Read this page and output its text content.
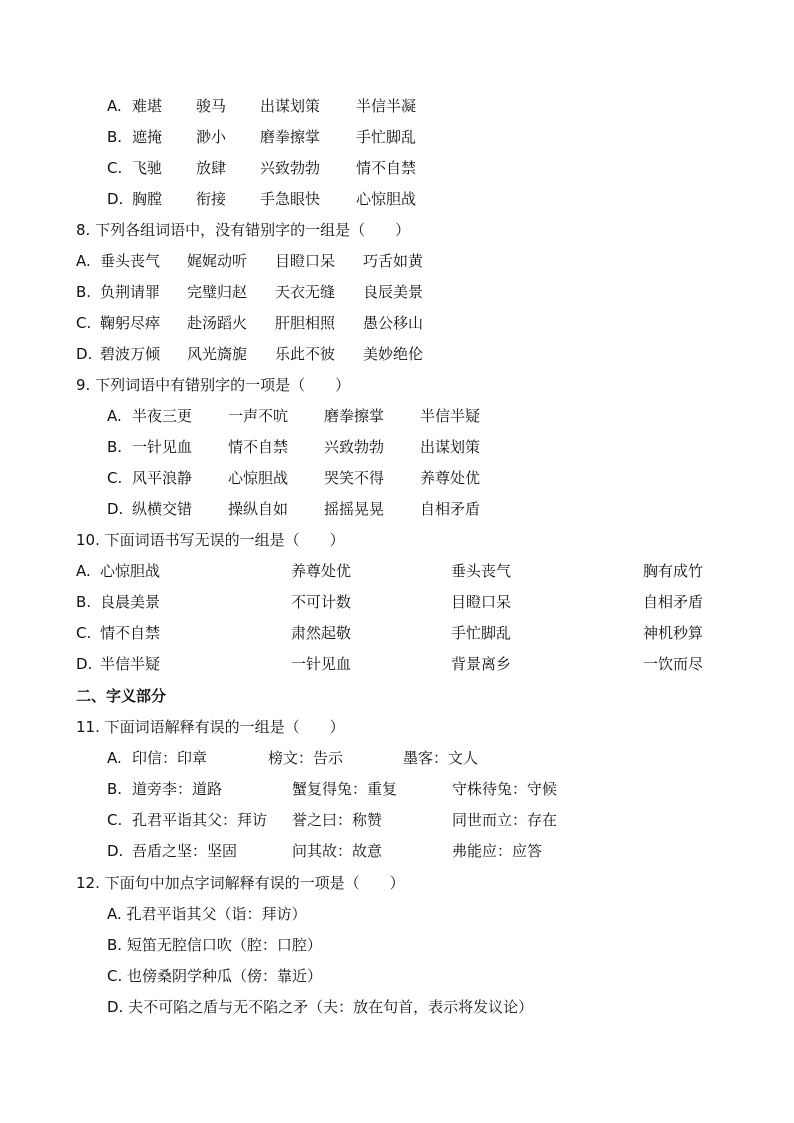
A. 难堪 骏马 出谋划策 半信半凝
B. 遮掩 渺小 磨拳擦掌 手忙脚乱
C. 飞驰 放肆 兴致勃勃 情不自禁
D. 胸膛 衔接 手急眼快 心惊胆战
8. 下列各组词语中，没有错别字的一组是（　　）
A. 垂头丧气 娓娓动听 目瞪口呆 巧舌如黄
B. 负荆请罪 完璧归赵 天衣无缝 良辰美景
C. 鞠躬尽瘁 赴汤蹈火 肝胆相照 愚公移山
D. 碧波万倾 风光旖旎 乐此不彼 美妙绝伦
9. 下列词语中有错别字的一项是（　　）
A. 半夜三更 一声不吭 磨拳擦掌 半信半疑
B. 一针见血 情不自禁 兴致勃勃 出谋划策
C. 风平浪静 心惊胆战 哭笑不得 养尊处优
D. 纵横交错 操纵自如 摇摇晃晃 自相矛盾
10. 下面词语书写无误的一组是（　　）
A. 心惊胆战	养尊处优	垂头丧气	胸有成竹
B. 良晨美景	不可计数	目瞪口呆	自相矛盾
C. 情不自禁	肃然起敬	手忙脚乱	神机秒算
D. 半信半疑	一针见血	背景离乡	一饮而尽
二、字义部分
11. 下面词语解释有误的一组是（　　）
A. 印信：印章	榜文：告示	墨客：文人
B. 道旁李：道路	蟹复得兔：重复	守株待兔：守候
C. 孔君平诣其父：拜访 誉之曰：称赞	同世而立：存在
D. 吾盾之坚：坚固	问其故：故意	弗能应：应答
12. 下面句中加点字词解释有误的一项是（　　）
A. 孔君平诣其父（诣：拜访）
B. 短笛无腔信口吹（腔：口腔）
C. 也傍桑阴学种瓜（傍：靠近）
D. 夫不可陷之盾与无不陷之矛（夫：放在句首，表示将发议论）
